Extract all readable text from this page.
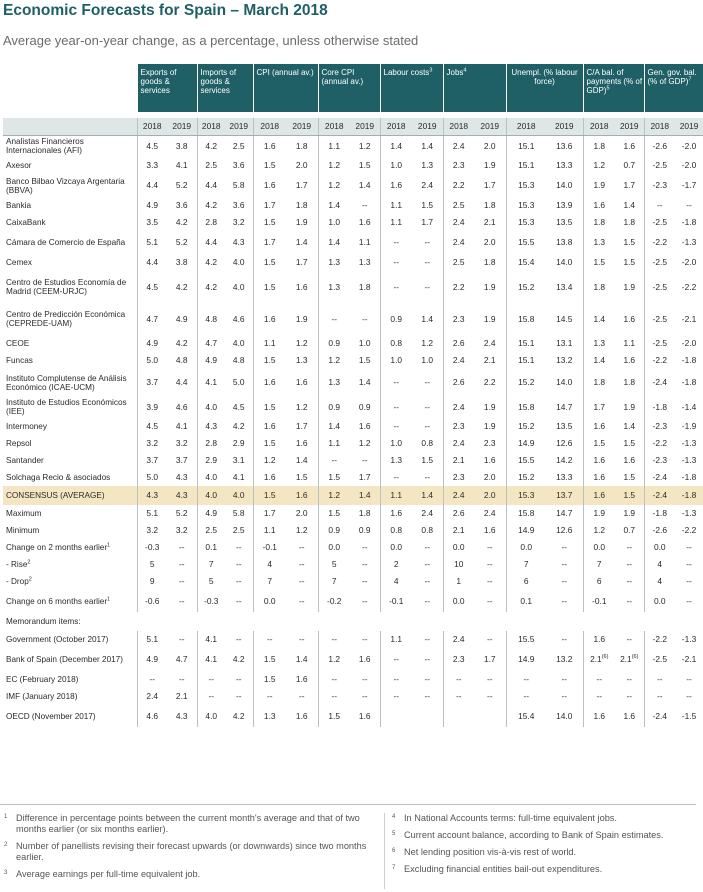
Economic Forecasts for Spain – March 2018
Average year-on-year change, as a percentage, unless otherwise stated
	Exports of goods & services		Imports of goods & services		CPI (annual av.)		Core CPI (annual av.)		Labour costs$^3$		Jobs$^4$		Unempl. (% labour force)		C/A bal. of payments (% of GDP)$^5$		Gen. gov. bal. (% of GDP)$^7$

	2018	2019	2018	2019	2018	2019	2018	2019	2018	2019	2018	2019	2018	2019	2018	2019	2018	2019
Analistas Financieros Internacionales (AFI)	4.5	3.8	4.2	2.5	1.6	1.8	1.1	1.2	1.4	1.4	2.4	2.0	15.1	13.6	1.8	1.6	-2.6	-2.0
Axesor	3.3	4.1	2.5	3.6	1.5	2.0	1.2	1.5	1.0	1.3	2.3	1.9	15.1	13.3	1.2	0.7	-2.5	-2.0
Banco Bilbao Vizcaya Argentaria (BBVA)	4.4	5.2	4.4	5.8	1.6	1.7	1.2	1.4	1.6	2.4	2.2	1.7	15.3	14.0	1.9	1.7	-2.3	-1.7
Bankia	4.9	3.6	4.2	3.6	1.7	1.8	1.4	--	1.1	1.5	2.5	1.8	15.3	13.9	1.6	1.4	--	--
CaixaBank	3.5	4.2	2.8	3.2	1.5	1.9	1.0	1.6	1.1	1.7	2.4	2.1	15.3	13.5	1.8	1.8	-2.5	-1.8
Cámara de Comercio de España	5.1	5.2	4.4	4.3	1.7	1.4	1.4	1.1	--	--	2.4	2.0	15.5	13.8	1.3	1.5	-2.2	-1.3
Cemex	4.4	3.8	4.2	4.0	1.5	1.7	1.3	1.3	--	--	2.5	1.8	15.4	14.0	1.5	1.5	-2.5	-2.0
Centro de Estudios Economía de Madrid (CEEM-URJC)	4.5	4.2	4.2	4.0	1.5	1.6	1.3	1.8	--	--	2.2	1.9	15.2	13.4	1.8	1.9	-2.5	-2.2
Centro de Predicción Económica (CEPREDE-UAM)	4.7	4.9	4.8	4.6	1.6	1.9	--	--	0.9	1.4	2.3	1.9	15.8	14.5	1.4	1.6	-2.5	-2.1
CEOE	4.9	4.2	4.7	4.0	1.1	1.2	0.9	1.0	0.8	1.2	2.6	2.4	15.1	13.1	1.3	1.1	-2.5	-2.0
Funcas	5.0	4.8	4.9	4.8	1.5	1.3	1.2	1.5	1.0	1.0	2.4	2.1	15.1	13.2	1.4	1.6	-2.2	-1.8
Instituto Complutense de Análisis Económico (ICAE-UCM)	3.7	4.4	4.1	5.0	1.6	1.6	1.3	1.4	--	--	2.6	2.2	15.2	14.0	1.8	1.8	-2.4	-1.8
Instituto de Estudios Económicos (IEE)	3.9	4.6	4.0	4.5	1.5	1.2	0.9	0.9	--	--	2.4	1.9	15.8	14.7	1.7	1.9	-1.8	-1.4
Intermoney	4.5	4.1	4.3	4.2	1.6	1.7	1.4	1.6	--	--	2.3	1.9	15.2	13.5	1.6	1.4	-2.3	-1.9
Repsol	3.2	3.2	2.8	2.9	1.5	1.6	1.1	1.2	1.0	0.8	2.4	2.3	14.9	12.6	1.5	1.5	-2.2	-1.3
Santander	3.7	3.7	2.9	3.1	1.2	1.4	--	--	1.3	1.5	2.1	1.6	15.5	14.2	1.6	1.6	-2.3	-1.3
Solchaga Recio & asociados	5.0	4.3	4.0	4.1	1.6	1.5	1.5	1.7	--	--	2.3	2.0	15.2	13.3	1.6	1.5	-2.4	-1.8
CONSENSUS (AVERAGE)	4.3	4.3	4.0	4.0	1.5	1.6	1.2	1.4	1.1	1.4	2.4	2.0	15.3	13.7	1.6	1.5	-2.4	-1.8
Maximum	5.1	5.2	4.9	5.8	1.7	2.0	1.5	1.8	1.6	2.4	2.6	2.4	15.8	14.7	1.9	1.9	-1.8	-1.3
Minimum	3.2	3.2	2.5	2.5	1.1	1.2	0.9	0.9	0.8	0.8	2.1	1.6	14.9	12.6	1.2	0.7	-2.6	-2.2
Change on 2 months earlier$^1$	-0.3	--	0.1	--	-0.1	--	0.0	--	0.0	--	0.0	--	0.0	--	0.0	--	0.0	--
- Rise$^2$	5	--	7	--	4	--	5	--	2	--	10	--	7	--	7	--	4	--
- Drop$^2$	9	--	5	--	7	--	7	--	4	--	1	--	6	--	6	--	4	--
Change on 6 months earlier$^1$	-0.6	--	-0.3	--	0.0	--	-0.2	--	-0.1	--	0.0	--	0.1	--	-0.1	--	0.0	--
Memorandum items:																		
Government (October 2017)	5.1	--	4.1	--	--	--	--	--	1.1	--	2.4	--	15.5	--	1.6	--	-2.2	-1.3
Bank of Spain (December 2017)	4.9	4.7	4.1	4.2	1.5	1.4	1.2	1.6	--	--	2.3	1.7	14.9	13.2	2.1$^{(6)}$	2.1$^{(6)}$	-2.5	-2.1
EC (February 2018)	--	--	--	--	1.5	1.6	--	--	--	--	--	--	--	--	--	--	--	--
IMF (January 2018)	2.4	2.1	--	--	--	--	--	--	--	--	--	--	--	--	--	--	--	--
OECD (November 2017)	4.6	4.3	4.0	4.2	1.3	1.6	1.5	1.6					15.4	14.0	1.6	1.6	-2.4	-1.5
1 Difference in percentage points between the current month's average and that of two months earlier (or six months earlier).
2 Number of panellists revising their forecast upwards (or downwards) since two months earlier.
3 Average earnings per full-time equivalent job.
4 In National Accounts terms: full-time equivalent jobs.
5 Current account balance, according to Bank of Spain estimates.
6 Net lending position vis-à-vis rest of world.
7 Excluding financial entities bail-out expenditures.
